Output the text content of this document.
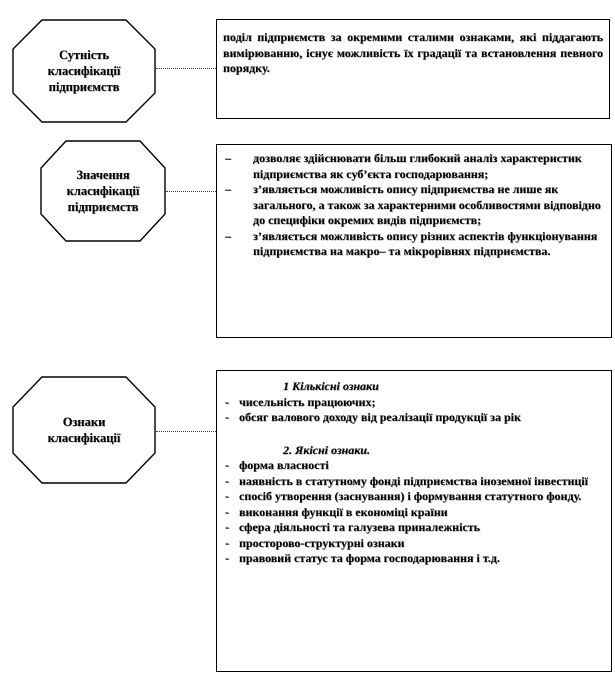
Сутність
класифікації
підприємств
Значення
класифікації
підприємств
Ознаки
класифікації
поділ підприємств за окремими сталими ознаками, які піддагають вимірюванню, існує можливість їх градації та встановлення певного порядку.
– дозволяє здійснювати більш глибокий аналіз характеристик підприємства як суб’єкта господарювання;
– з’являється можливість опису підприємства не лише як загального, а також за характерними особливостями відповідно до специфіки окремих видів підприємств;
– з’являється можливість опису різних аспектів функціонування підприємства на макро– та мікрорівнях підприємства.
1 Кількісні ознаки
- чисельність працюючих;
- обсяг валового доходу від реалізації продукції за рік
2. Якісні ознаки.
- форма власності
- наявність в статутному фонді підприємства іноземної інвестиції
- спосіб утворення (заснування) і формування статутного фонду.
- виконання функції в економіці країни
- сфера діяльності та галузева приналежність
- просторово-структурні ознаки
- правовий статус та форма господарювання і т.д.
